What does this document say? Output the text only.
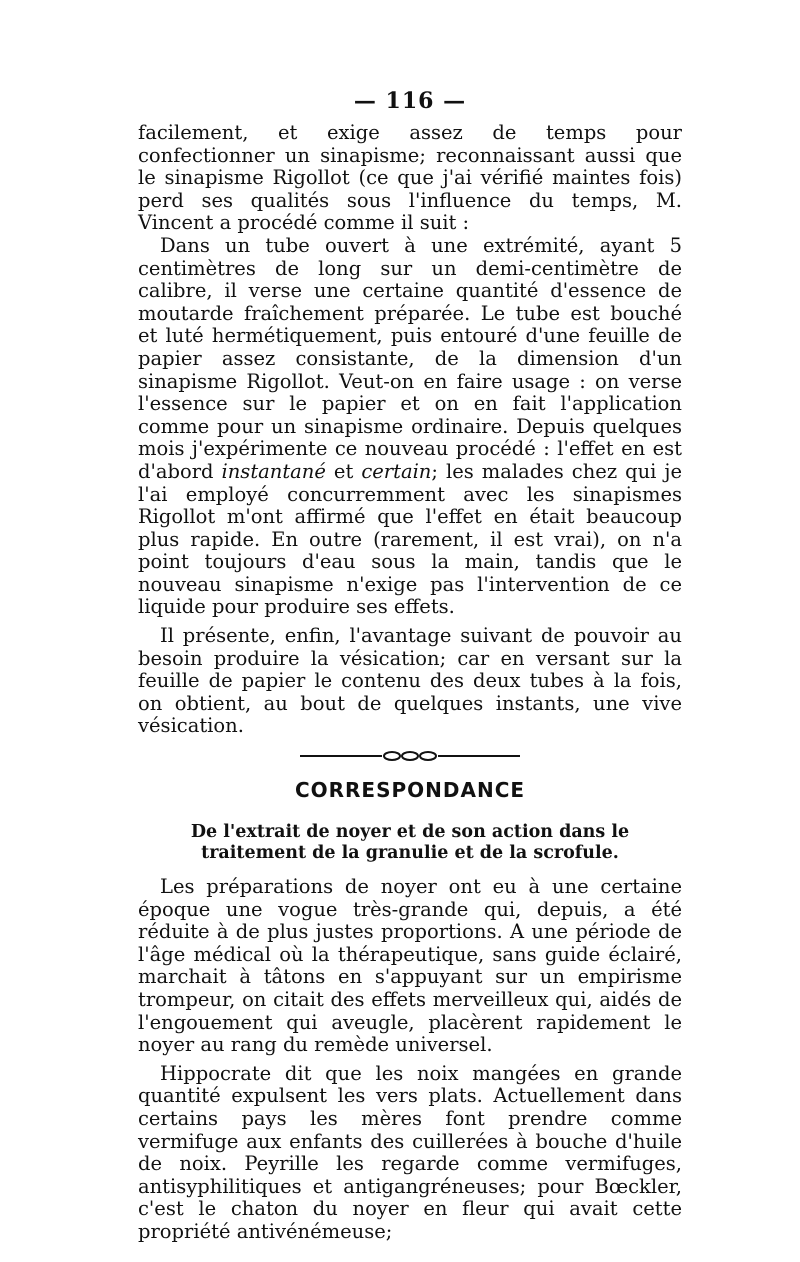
— 116 —

facilement, et exige assez de temps pour confectionner un sinapisme; reconnaissant aussi que le sinapisme Rigollot (ce que j'ai vérifié maintes fois) perd ses qualités sous l'influence du temps, M. Vincent a procédé comme il suit :

Dans un tube ouvert à une extrémité, ayant 5 centimètres de long sur un demi-centimètre de calibre, il verse une certaine quantité d'essence de moutarde fraîchement préparée. Le tube est bouché et luté hermétiquement, puis entouré d'une feuille de papier assez consistante, de la dimension d'un sinapisme Rigollot. Veut-on en faire usage : on verse l'essence sur le papier et on en fait l'application comme pour un sinapisme ordinaire. Depuis quelques mois j'expérimente ce nouveau procédé : l'effet en est d'abord instantané et certain; les malades chez qui je l'ai employé concurremment avec les sinapismes Rigollot m'ont affirmé que l'effet en était beaucoup plus rapide. En outre (rarement, il est vrai), on n'a point toujours d'eau sous la main, tandis que le nouveau sinapisme n'exige pas l'intervention de ce liquide pour produire ses effets.

Il présente, enfin, l'avantage suivant de pouvoir au besoin produire la vésication; car en versant sur la feuille de papier le contenu des deux tubes à la fois, on obtient, au bout de quelques instants, une vive vésication.

CORRESPONDANCE
De l'extrait de noyer et de son action dans le traitement de la granulie et de la scrofule.

Les préparations de noyer ont eu à une certaine époque une vogue très-grande qui, depuis, a été réduite à de plus justes proportions. A une période de l'âge médical où la thérapeutique, sans guide éclairé, marchait à tâtons en s'appuyant sur un empirisme trompeur, on citait des effets merveilleux qui, aidés de l'engouement qui aveugle, placèrent rapidement le noyer au rang du remède universel.

Hippocrate dit que les noix mangées en grande quantité expulsent les vers plats. Actuellement dans certains pays les mères font prendre comme vermifuge aux enfants des cuillerées à bouche d'huile de noix. Peyrille les regarde comme vermifuges, antisyphilitiques et antigangréneuses; pour Bœckler, c'est le chaton du noyer en fleur qui avait cette propriété antivénémeuse;
